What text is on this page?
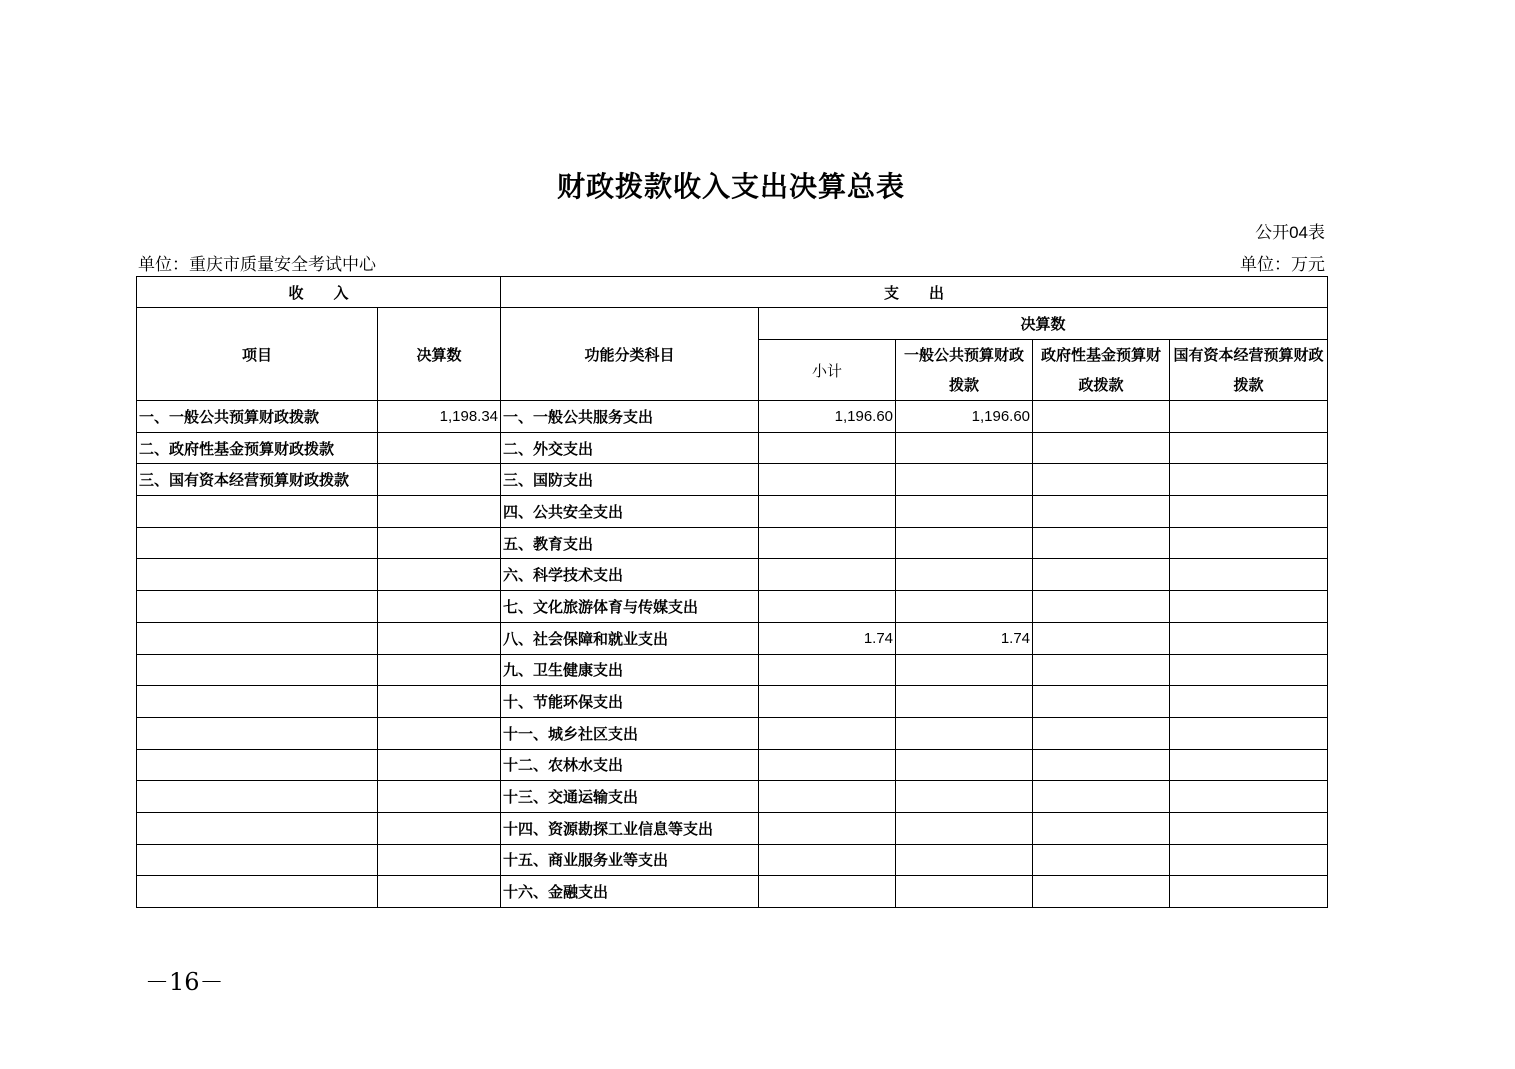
财政拨款收入支出决算总表
公开04表
单位：重庆市质量安全考试中心	单位：万元
收　　入		支　　出				
项目	决算数	功能分类科目	决算数			
			小计	一般公共预算财政拨款	政府性基金预算财政拨款	国有资本经营预算财政拨款
一、一般公共预算财政拨款	1,198.34	一、一般公共服务支出	1,196.60	1,196.60		
二、政府性基金预算财政拨款		二、外交支出				
三、国有资本经营预算财政拨款		三、国防支出				
		四、公共安全支出				
		五、教育支出				
		六、科学技术支出				
		七、文化旅游体育与传媒支出				
		八、社会保障和就业支出	1.74	1.74		
		九、卫生健康支出				
		十、节能环保支出				
		十一、城乡社区支出				
		十二、农林水支出				
		十三、交通运输支出				
		十四、资源勘探工业信息等支出				
		十五、商业服务业等支出				
		十六、金融支出				
－16－
